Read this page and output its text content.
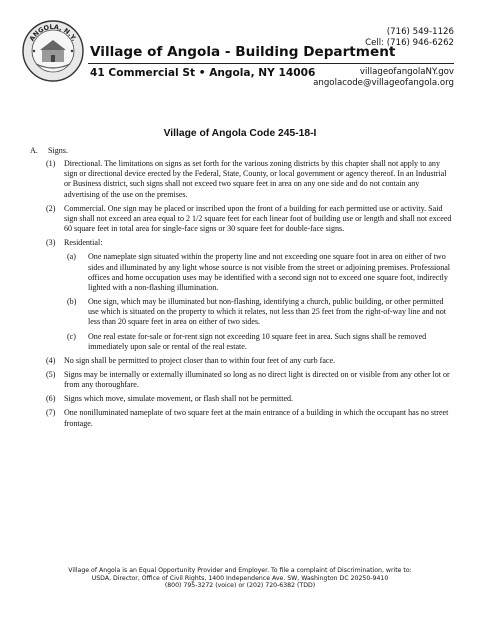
ANGOLA, N.Y.
Village of Angola - Building Department
41 Commercial St • Angola, NY 14006
(716) 549-1126
Cell: (716) 946-6262
villageofangolaNY.gov
angolacode@villageofangola.org
Village of Angola Code 245-18-I
A. Signs.
(1) Directional. The limitations on signs as set forth for the various zoning districts by this chapter shall not apply to any sign or directional device erected by the Federal, State, County, or local government or agency thereof. In an Industrial or Business district, such signs shall not exceed two square feet in area on any one side and do not contain any advertising of the use on the premises.
(2) Commercial. One sign may be placed or inscribed upon the front of a building for each permitted use or activity. Said sign shall not exceed an area equal to 2 1/2 square feet for each linear foot of building use or length and shall not exceed 60 square feet in total area for single-face signs or 30 square feet for double-face signs.
(3) Residential:
(a) One nameplate sign situated within the property line and not exceeding one square foot in area on either of two sides and illuminated by any light whose source is not visible from the street or adjoining premises. Professional offices and home occupation uses may be identified with a second sign not to exceed one square foot, indirectly lighted with a non-flashing illumination.
(b) One sign, which may be illuminated but non-flashing, identifying a church, public building, or other permitted use which is situated on the property to which it relates, not less than 25 feet from the right-of-way line and not less than 20 square feet in area on either of two sides.
(c) One real estate for-sale or for-rent sign not exceeding 10 square feet in area. Such signs shall be removed immediately upon sale or rental of the real estate.
(4) No sign shall be permitted to project closer than to within four feet of any curb face.
(5) Signs may be internally or externally illuminated so long as no direct light is directed on or visible from any other lot or from any thoroughfare.
(6) Signs which move, simulate movement, or flash shall not be permitted.
(7) One nonilluminated nameplate of two square feet at the main entrance of a building in which the occupant has no street frontage.
Village of Angola is an Equal Opportunity Provider and Employer. To file a complaint of Discrimination, write to:
USDA, Director, Office of Civil Rights, 1400 Independence Ave. SW, Washington DC 20250-9410
(800) 795-3272 (voice) or (202) 720-6382 (TDD)
